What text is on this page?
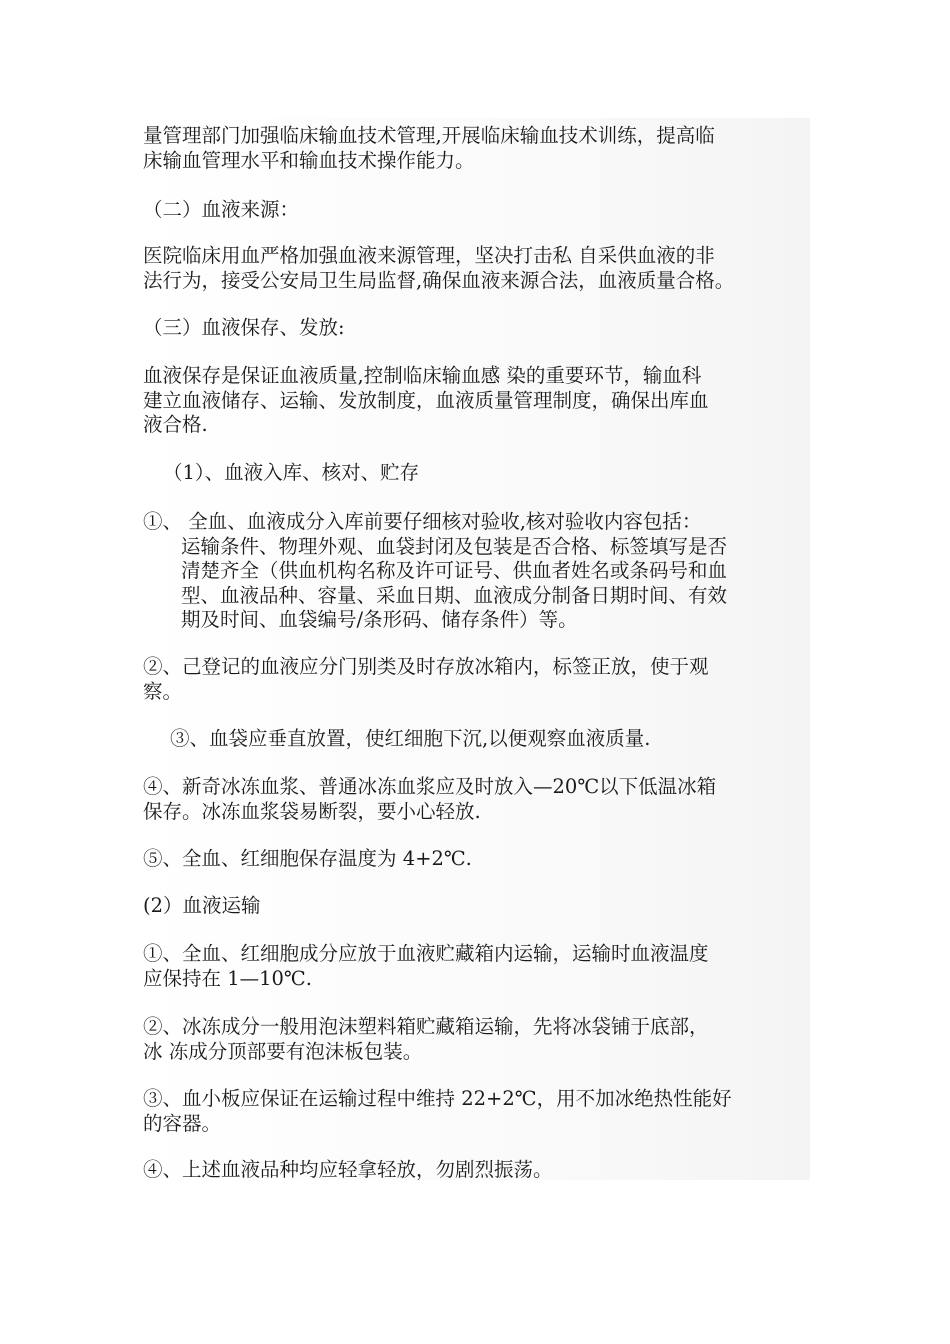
量管理部门加强临床输血技术管理,开展临床输血技术训练，提高临
床输血管理水平和输血技术操作能力。

（二）血液来源：

医院临床用血严格加强血液来源管理，坚决打击私 自采供血液的非
法行为，接受公安局卫生局监督,确保血液来源合法，血液质量合格。

（三）血液保存、发放:

血液保存是保证血液质量,控制临床输血感 染的重要环节，输血科
建立血液储存、运输、发放制度，血液质量管理制度，确保出库血
液合格.

（1）、血液入库、核对、贮存

①、 全血、血液成分入库前要仔细核对验收,核对验收内容包括：
运输条件、物理外观、血袋封闭及包装是否合格、标签填写是否
清楚齐全（供血机构名称及许可证号、供血者姓名或条码号和血
型、血液品种、容量、采血日期、血液成分制备日期时间、有效
期及时间、血袋编号/条形码、储存条件）等。

②、己登记的血液应分门别类及时存放冰箱内，标签正放，使于观
察。

③、血袋应垂直放置，使红细胞下沉,以便观察血液质量.

④、新奇冰冻血浆、普通冰冻血浆应及时放入—20℃以下低温冰箱
保存。冰冻血浆袋易断裂，要小心轻放.

⑤、全血、红细胞保存温度为 4+2℃.

(2）血液运输

①、全血、红细胞成分应放于血液贮藏箱内运输，运输时血液温度
应保持在 1—10℃.

②、冰冻成分一般用泡沫塑料箱贮藏箱运输，先将冰袋铺于底部，
冰 冻成分顶部要有泡沫板包装。

③、血小板应保证在运输过程中维持 22+2℃，用不加冰绝热性能好
的容器。

④、上述血液品种均应轻拿轻放，勿剧烈振荡。
